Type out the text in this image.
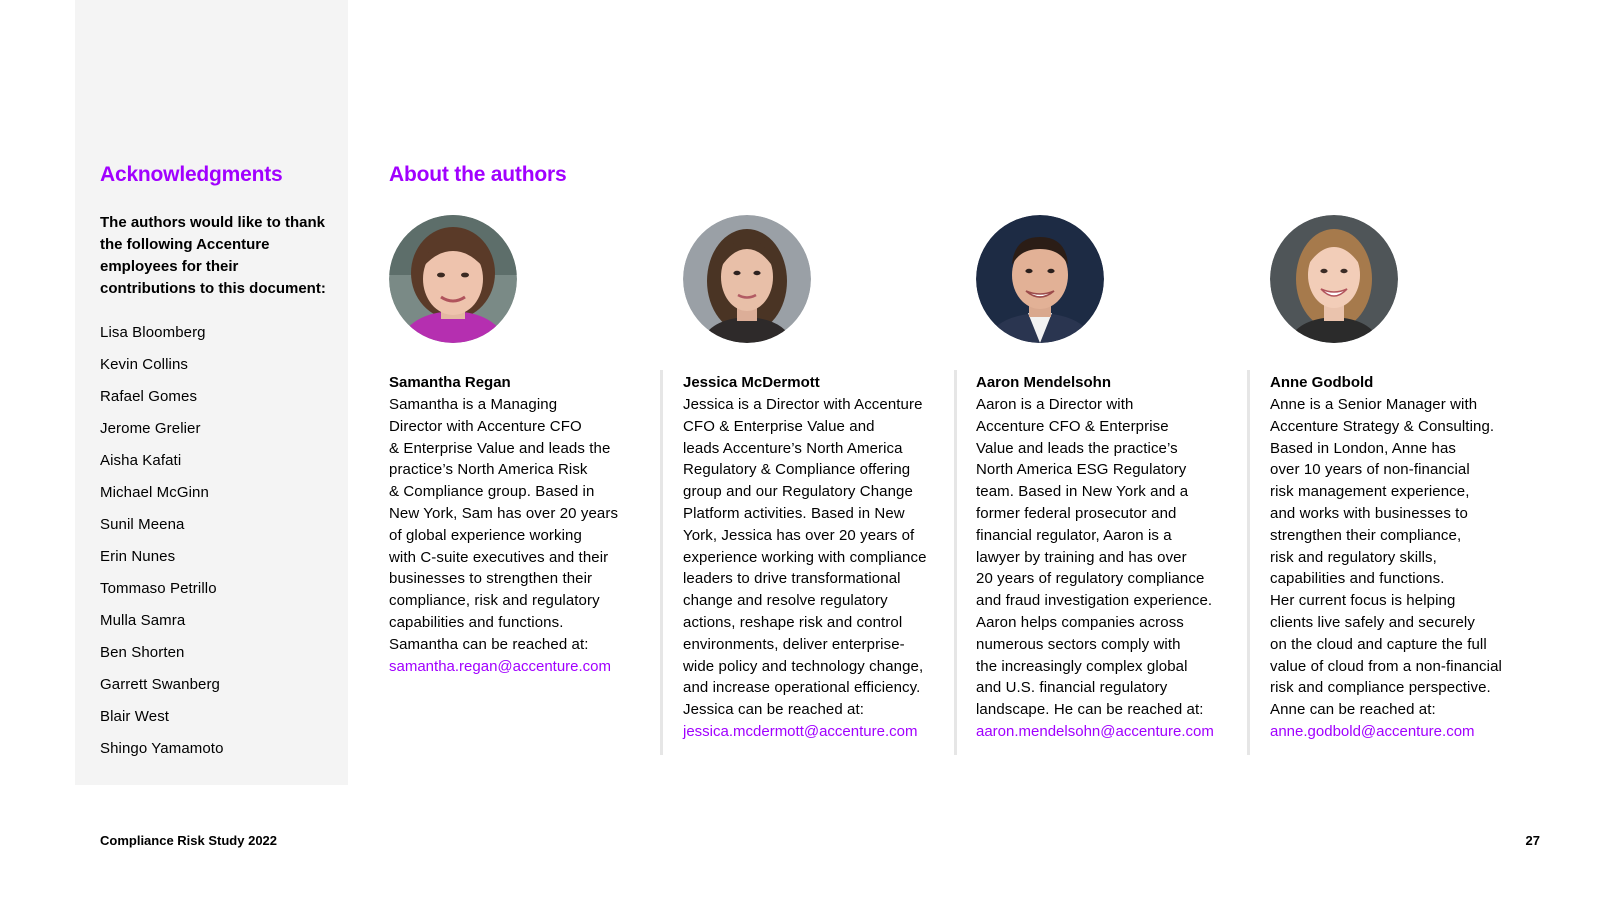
Acknowledgments

The authors would like to thank the following Accenture employees for their contributions to this document:

Lisa Bloomberg
Kevin Collins
Rafael Gomes
Jerome Grelier
Aisha Kafati
Michael McGinn
Sunil Meena
Erin Nunes
Tommaso Petrillo
Mulla Samra
Ben Shorten
Garrett Swanberg
Blair West
Shingo Yamamoto
About the authors
Samantha Regan
Samantha is a Managing
Director with Accenture CFO
& Enterprise Value and leads the
practice’s North America Risk
& Compliance group. Based in
New York, Sam has over 20 years
of global experience working
with C-suite executives and their
businesses to strengthen their
compliance, risk and regulatory
capabilities and functions.
Samantha can be reached at:
samantha.regan@accenture.com
Jessica McDermott
Jessica is a Director with Accenture
CFO & Enterprise Value and
leads Accenture’s North America
Regulatory & Compliance offering
group and our Regulatory Change
Platform activities. Based in New
York, Jessica has over 20 years of
experience working with compliance
leaders to drive transformational
change and resolve regulatory
actions, reshape risk and control
environments, deliver enterprise-
wide policy and technology change,
and increase operational efficiency.
Jessica can be reached at:
jessica.mcdermott@accenture.com
Aaron Mendelsohn
Aaron is a Director with
Accenture CFO & Enterprise
Value and leads the practice’s
North America ESG Regulatory
team. Based in New York and a
former federal prosecutor and
financial regulator, Aaron is a
lawyer by training and has over
20 years of regulatory compliance
and fraud investigation experience.
Aaron helps companies across
numerous sectors comply with
the increasingly complex global
and U.S. financial regulatory
landscape. He can be reached at:
aaron.mendelsohn@accenture.com
Anne Godbold
Anne is a Senior Manager with
Accenture Strategy & Consulting.
Based in London, Anne has
over 10 years of non-financial
risk management experience,
and works with businesses to
strengthen their compliance,
risk and regulatory skills,
capabilities and functions.
Her current focus is helping
clients live safely and securely
on the cloud and capture the full
value of cloud from a non-financial
risk and compliance perspective.
Anne can be reached at:
anne.godbold@accenture.com
Compliance Risk Study 2022	27
